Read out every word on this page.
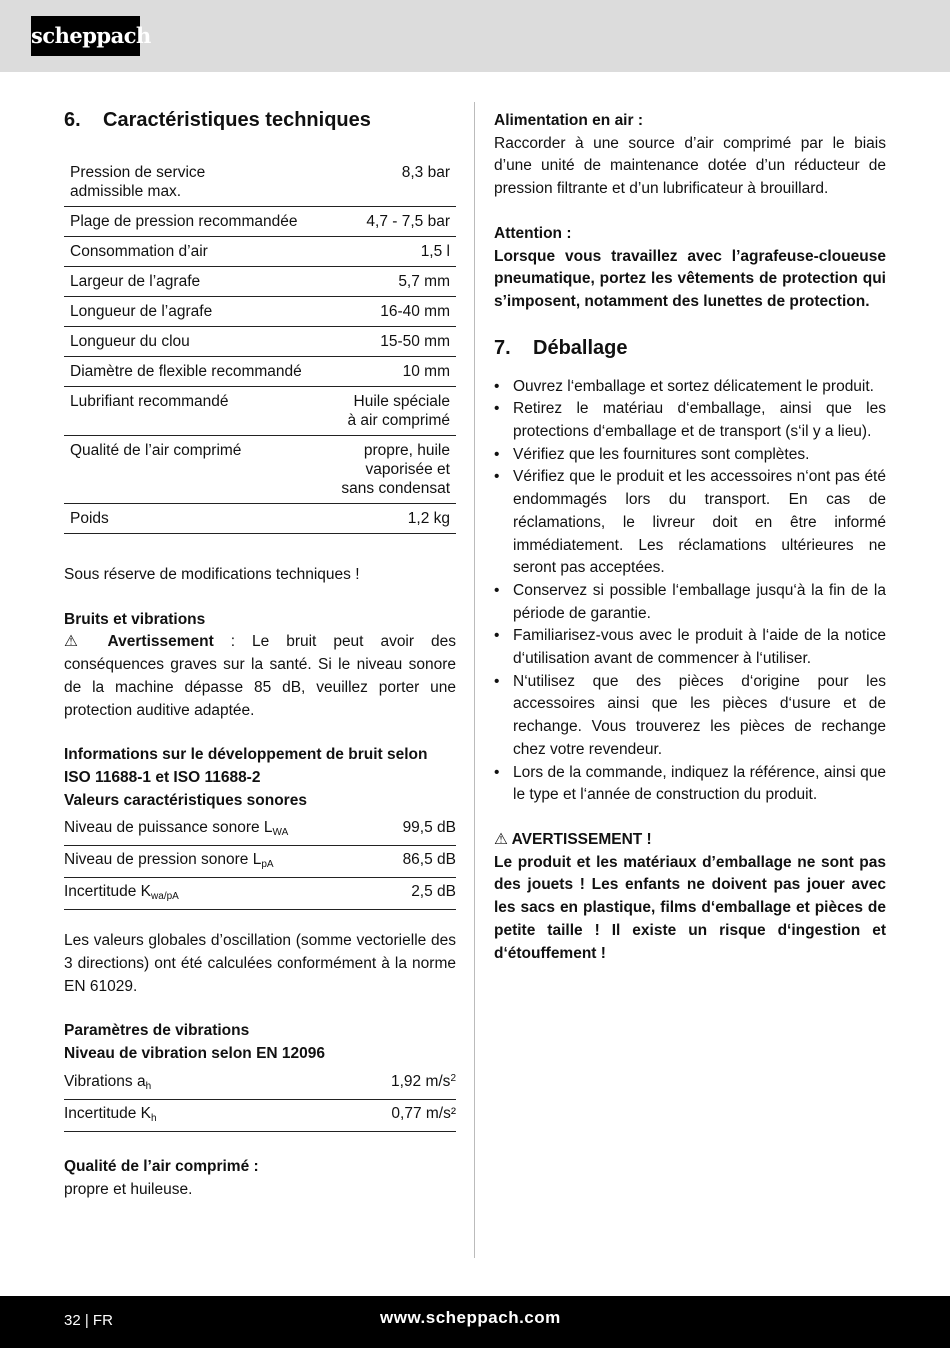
scheppach
6.	Caractéristiques techniques
Pression de service admissible max.	8,3 bar
Plage de pression recommandée	4,7 - 7,5 bar
Consommation d’air	1,5 l
Largeur de l’agrafe	5,7 mm
Longueur de l’agrafe	16-40 mm
Longueur du clou	15-50 mm
Diamètre de flexible recommandé	10 mm
Lubrifiant recommandé	Huile spéciale
à air comprimé

Qualité de l’air comprimé	propre, huile
vaporisée et
sans condensat

Poids	1,2 kg

Sous réserve de modifications techniques !

Bruits et vibrations

⚠ Avertissement : Le bruit peut avoir des conséquences graves sur la santé. Si le niveau sonore de la machine dépasse 85 dB, veuillez porter une protection auditive adaptée.

Informations sur le développement de bruit selon ISO 11688-1 et ISO 11688-2

Valeurs caractéristiques sonores

Niveau de puissance sonore $L_{WA}$	99,5 dB
Niveau de pression sonore $L_{pA}$	86,5 dB
Incertitude $K_{wa/pA}$	2,5 dB

Les valeurs globales d’oscillation (somme vectorielle des 3 directions) ont été calculées conformément à la norme EN 61029.

Paramètres de vibrations

Niveau de vibration selon EN 12096

Vibrations $a_h$	1,92 $m/s^2$
Incertitude $K_h$	0,77 m/s²

Qualité de l’air comprimé :

propre et huileuse.

Alimentation en air :

Raccorder à une source d’air comprimé par le biais d’une unité de maintenance dotée d’un réducteur de pression filtrante et d’un lubrificateur à brouillard.

Attention :

Lorsque vous travaillez avec l’agrafeuse-cloueuse pneumatique, portez les vêtements de protection qui s’imposent, notamment des lunettes de protection.

7.	Déballage
• Ouvrez l‘emballage et sortez délicatement le produit.
• Retirez le matériau d‘emballage, ainsi que les protections d‘emballage et de transport (s‘il y a lieu).
• Vérifiez que les fournitures sont complètes.
• Vérifiez que le produit et les accessoires n‘ont pas été endommagés lors du transport. En cas de réclamations, le livreur doit en être informé immédiatement. Les réclamations ultérieures ne seront pas acceptées.
• Conservez si possible l‘emballage jusqu‘à la fin de la période de garantie.
• Familiarisez-vous avec le produit à l‘aide de la notice d‘utilisation avant de commencer à l‘utiliser.
• N‘utilisez que des pièces d‘origine pour les accessoires ainsi que les pièces d‘usure et de rechange. Vous trouverez les pièces de rechange chez votre revendeur.
• Lors de la commande, indiquez la référence, ainsi que le type et l‘année de construction du produit.

⚠ AVERTISSEMENT !

Le produit et les matériaux d’emballage ne sont pas des jouets ! Les enfants ne doivent pas jouer avec les sacs en plastique, films d‘emballage et pièces de petite taille ! Il existe un risque d‘ingestion et d‘étouffement !

32 | FR	www.scheppach.com
